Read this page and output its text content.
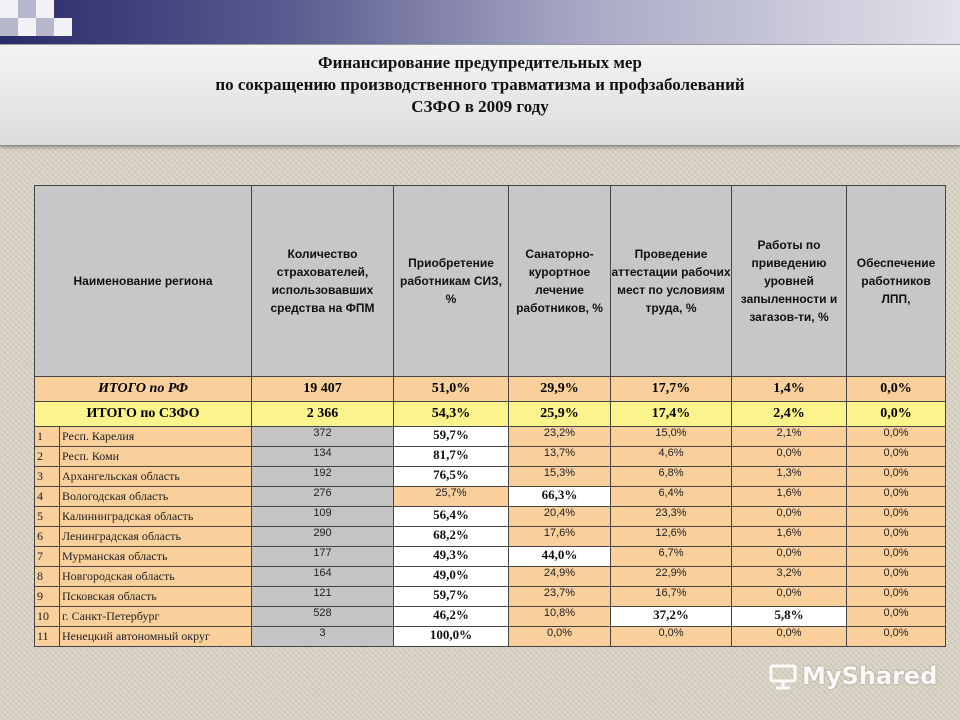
Финансирование предупредительных мер
по сокращению производственного травматизма и профзаболеваний
СЗФО в 2009 году
Наименование региона		Количество страхователей, использовавших средства на ФПМ	Приобретение работникам СИЗ, %	Санаторно-курортное лечение работников, %	Проведение аттестации рабочих мест по условиям труда, %	Работы по приведению уровней запыленности и загазов-ти, %	Обеспечение работников ЛПП,
ИТОГО по РФ		19 407	51,0%	29,9%	17,7%	1,4%	0,0%
ИТОГО по СЗФО		2 366	54,3%	25,9%	17,4%	2,4%	0,0%
1	Респ. Карелия	372	59,7%	23,2%	15,0%	2,1%	0,0%
2	Респ. Коми	134	81,7%	13,7%	4,6%	0,0%	0,0%
3	Архангельская область	192	76,5%	15,3%	6,8%	1,3%	0,0%
4	Вологодская область	276	25,7%	66,3%	6,4%	1,6%	0,0%
5	Калининградская область	109	56,4%	20,4%	23,3%	0,0%	0,0%
6	Ленинградская область	290	68,2%	17,6%	12,6%	1,6%	0,0%
7	Мурманская область	177	49,3%	44,0%	6,7%	0,0%	0,0%
8	Новгородская область	164	49,0%	24,9%	22,9%	3,2%	0,0%
9	Псковская область	121	59,7%	23,7%	16,7%	0,0%	0,0%
10	г. Санкт-Петербург	528	46,2%	10,8%	37,2%	5,8%	0,0%
11	Ненецкий автономный округ	3	100,0%	0,0%	0,0%	0,0%	0,0%
MyShared
